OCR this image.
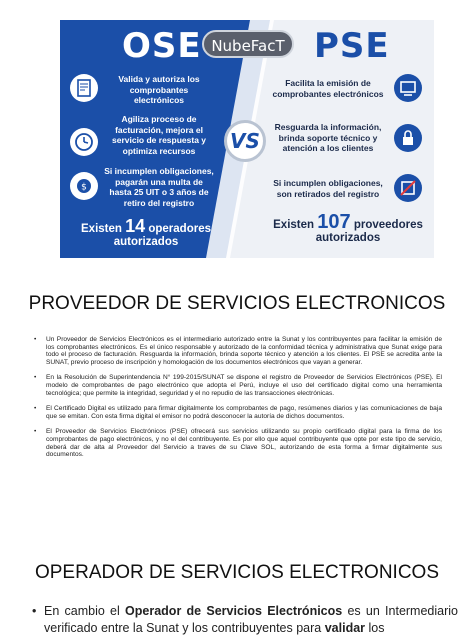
OSE	PSE
NubeFacT
$
Valida y autoriza los comprobantes electrónicos
Agiliza proceso de facturación, mejora el servicio de respuesta y optimiza recursos
Si incumplen obligaciones, pagarán una multa de hasta 25 UIT o 3 años de retiro del registro
VS
Facilita la emisión de comprobantes electrónicos
Resguarda la información, brinda soporte técnico y atención a los clientes
Si incumplen obligaciones, son retirados del registro
Existen 14 operadores
autorizados
Existen 107 proveedores
autorizados
PROVEEDOR DE SERVICIOS ELECTRONICOS
• Un Proveedor de Servicios Electrónicos es el intermediario autorizado entre la Sunat y los contribuyentes para facilitar la emisión de los comprobantes electrónicos. Es el único responsable y autorizado de la conformidad técnica y administrativa que Sunat exige para todo el proceso de facturación. Resguarda la información, brinda soporte técnico y atención a los clientes. El PSE se acredita ante la SUNAT, previo proceso de inscripción y homologación de los documentos electrónicos que vayan a generar.
• En la Resolución de Superintendencia N° 199-2015/SUNAT se dispone el registro de Proveedor de Servicios Electrónicos (PSE). El modelo de comprobantes de pago electrónico que adopta el Perú, incluye el uso del certificado digital como una herramienta tecnológica; que permite la integridad, seguridad y el no repudio de las transacciones electrónicas.
• El Certificado Digital es utilizado para firmar digitalmente los comprobantes de pago, resúmenes diarios y las comunicaciones de baja que se emitan. Con esta firma digital el emisor no podrá desconocer la autoría de dichos documentos.
• El Proveedor de Servicios Electrónicos (PSE) ofrecerá sus servicios utilizando su propio certificado digital para la firma de los comprobantes de pago electrónicos, y no el del contribuyente. Es por ello que aquel contribuyente que opte por este tipo de servicio, deberá dar de alta al Proveedor del Servicio a traves de su Clave SOL, autorizando de esta forma a firmar digitalmente sus documentos.
OPERADOR DE SERVICIOS ELECTRONICOS
• En cambio el Operador de Servicios Electrónicos es un Intermediario verificado entre la Sunat y los contribuyentes para validar los
